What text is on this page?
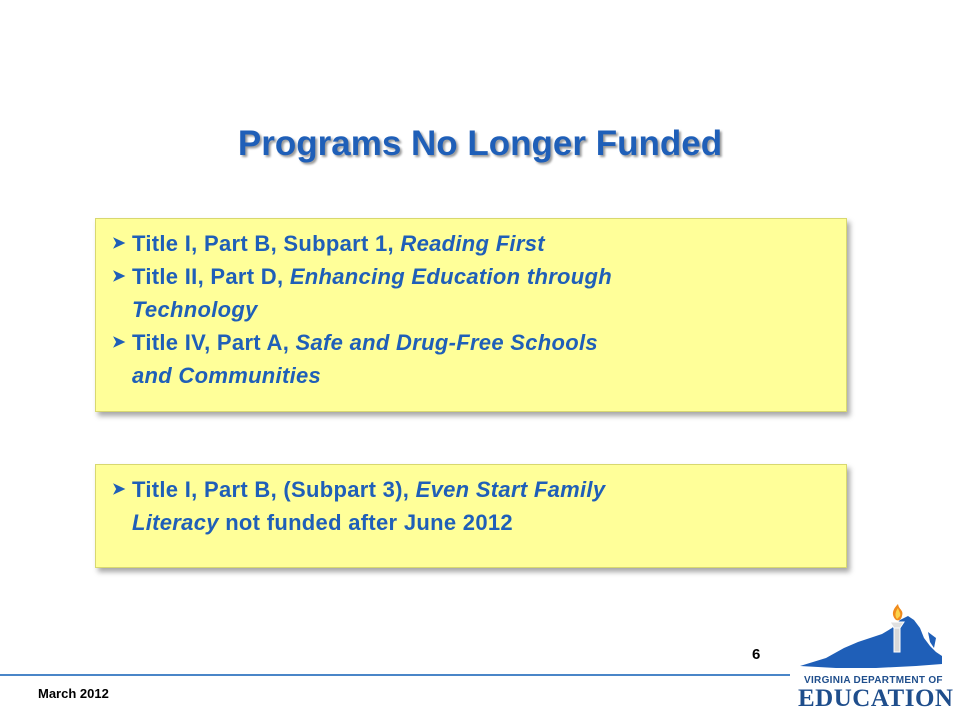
Programs No Longer Funded
➤ Title I, Part B, Subpart 1, Reading First
➤ Title II, Part D, Enhancing Education through
Technology
➤ Title IV, Part A, Safe and Drug-Free Schools
and Communities
➤ Title I, Part B, (Subpart 3), Even Start Family
Literacy not funded after June 2012
6
March 2012
VIRGINIA DEPARTMENT OF
EDUCATION
